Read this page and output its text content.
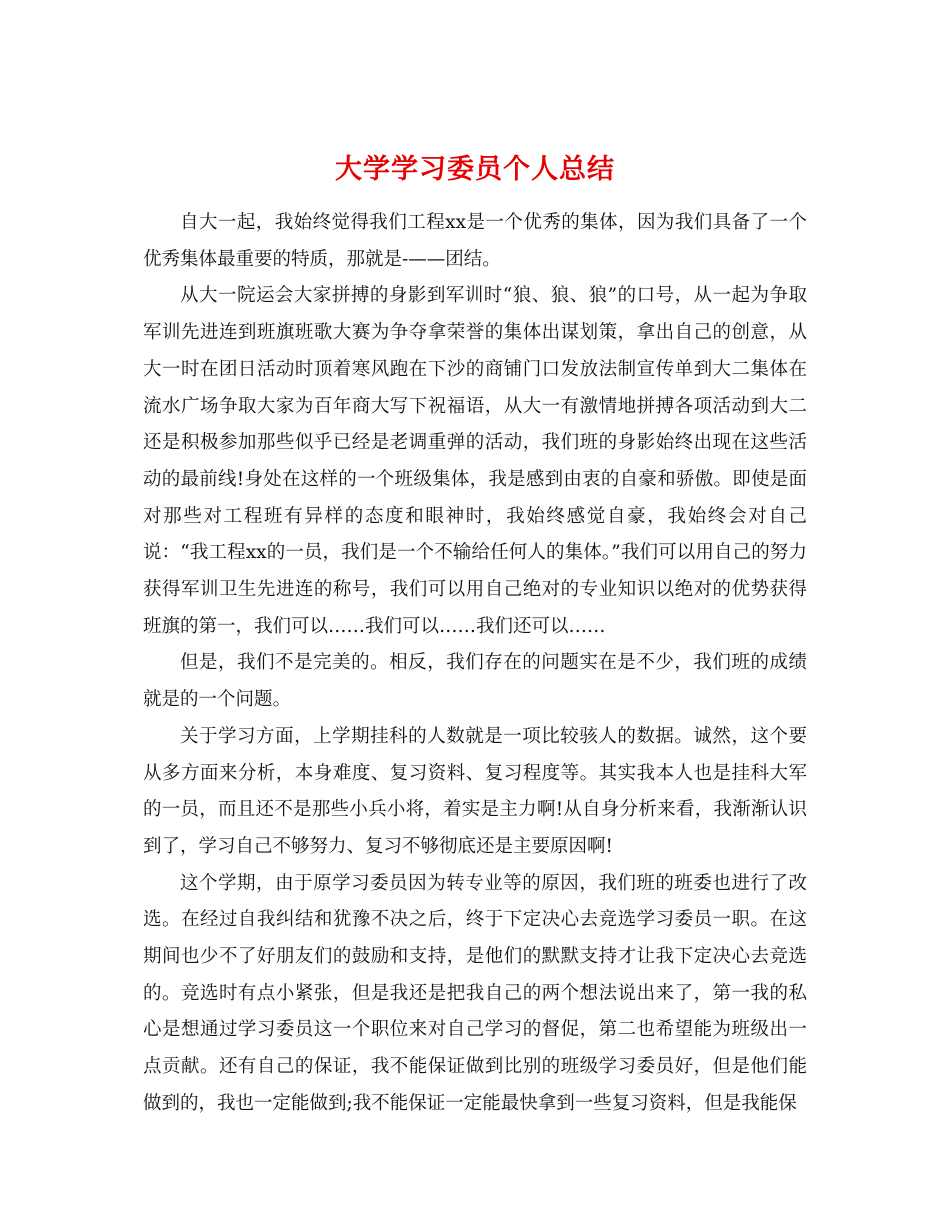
大学学习委员个人总结

自大一起，我始终觉得我们工程xx是一个优秀的集体，因为我们具备了一个优秀集体最重要的特质，那就是-——团结。

从大一院运会大家拼搏的身影到军训时“狼、狼、狼”的口号，从一起为争取军训先进连到班旗班歌大赛为争夺拿荣誉的集体出谋划策，拿出自己的创意，从大一时在团日活动时顶着寒风跑在下沙的商铺门口发放法制宣传单到大二集体在流水广场争取大家为百年商大写下祝福语，从大一有激情地拼搏各项活动到大二还是积极参加那些似乎已经是老调重弹的活动，我们班的身影始终出现在这些活动的最前线!身处在这样的一个班级集体，我是感到由衷的自豪和骄傲。即使是面对那些对工程班有异样的态度和眼神时，我始终感觉自豪，我始终会对自己说：“我工程xx的一员，我们是一个不输给任何人的集体。”我们可以用自己的努力获得军训卫生先进连的称号，我们可以用自己绝对的专业知识以绝对的优势获得班旗的第一，我们可以……我们可以……我们还可以……

但是，我们不是完美的。相反，我们存在的问题实在是不少，我们班的成绩就是的一个问题。

关于学习方面，上学期挂科的人数就是一项比较骇人的数据。诚然，这个要从多方面来分析，本身难度、复习资料、复习程度等。其实我本人也是挂科大军的一员，而且还不是那些小兵小将，着实是主力啊!从自身分析来看，我渐渐认识到了，学习自己不够努力、复习不够彻底还是主要原因啊!

这个学期，由于原学习委员因为转专业等的原因，我们班的班委也进行了改选。在经过自我纠结和犹豫不决之后，终于下定决心去竞选学习委员一职。在这期间也少不了好朋友们的鼓励和支持，是他们的默默支持才让我下定决心去竞选的。竞选时有点小紧张，但是我还是把我自己的两个想法说出来了，第一我的私心是想通过学习委员这一个职位来对自己学习的督促，第二也希望能为班级出一点贡献。还有自己的保证，我不能保证做到比别的班级学习委员好，但是他们能做到的，我也一定能做到;我不能保证一定能最快拿到一些复习资料，但是我能保
